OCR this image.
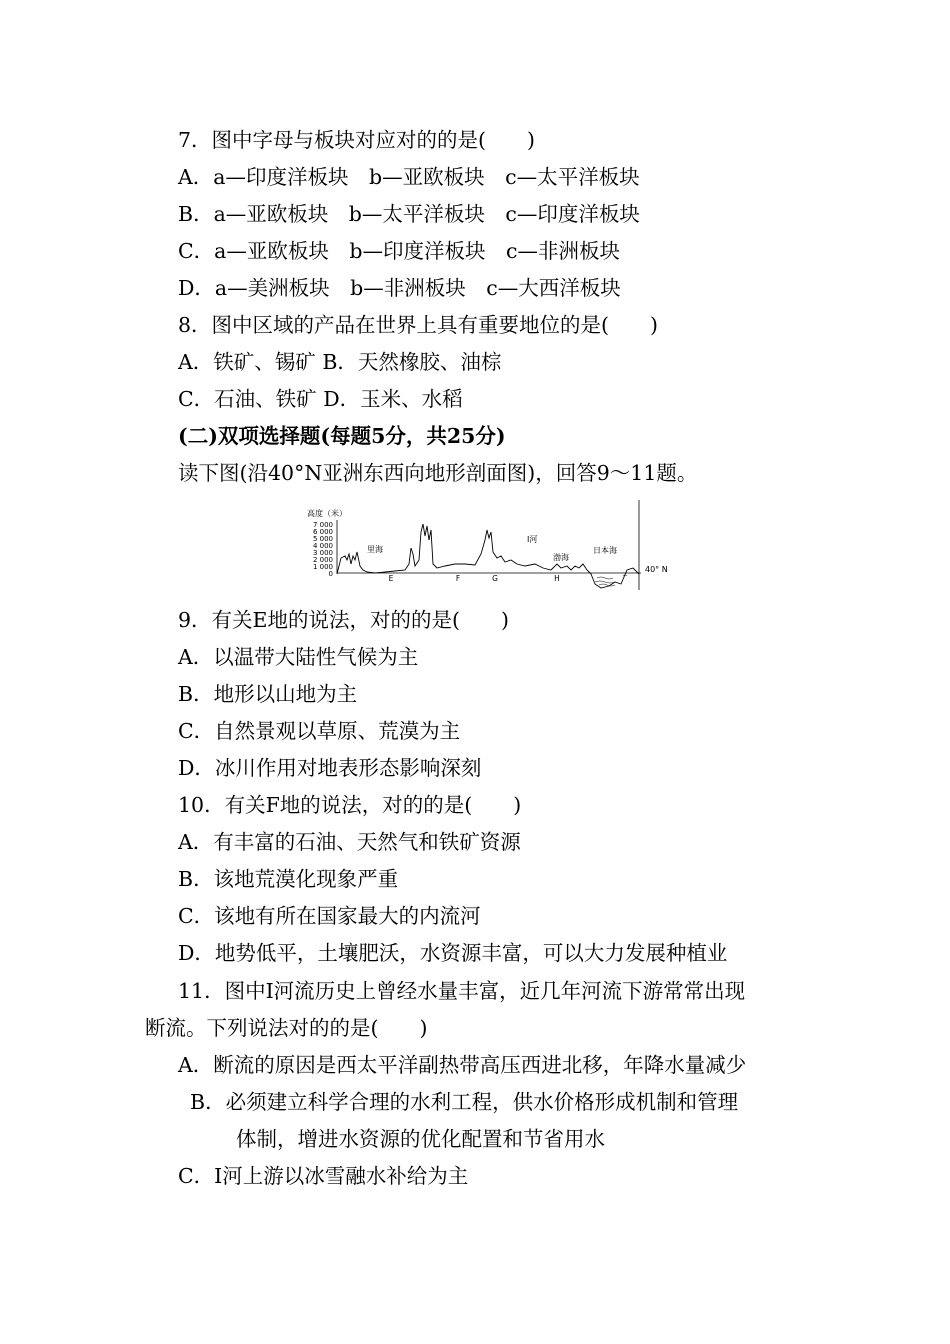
7．图中字母与板块对应对的的是(　　)
A．a—印度洋板块　b—亚欧板块　c—太平洋板块
B．a—亚欧板块　b—太平洋板块　c—印度洋板块
C．a—亚欧板块　b—印度洋板块　c—非洲板块
D．a—美洲板块　b—非洲板块　c—大西洋板块
8．图中区域的产品在世界上具有重要地位的是(　　)
A．铁矿、锡矿 B．天然橡胶、油棕
C．石油、铁矿 D．玉米、水稻
(二)双项选择题(每题5分，共25分)
读下图(沿40°N亚洲东西向地形剖面图)，回答9～11题。
高度（米）
7 000
6 000
5 000
4 000
3 000
2 000
1 000
0
里海
Ⅰ河
渤海
日本海
40° N
E	F	G	H
9．有关E地的说法，对的的是(　　)
A．以温带大陆性气候为主
B．地形以山地为主
C．自然景观以草原、荒漠为主
D．冰川作用对地表形态影响深刻
10．有关F地的说法，对的的是(　　)
A．有丰富的石油、天然气和铁矿资源
B．该地荒漠化现象严重
C．该地有所在国家最大的内流河
D．地势低平，土壤肥沃，水资源丰富，可以大力发展种植业
11．图中Ⅰ河流历史上曾经水量丰富，近几年河流下游常常出现
断流。下列说法对的的是(　　)
A．断流的原因是西太平洋副热带高压西进北移，年降水量减少
B．必须建立科学合理的水利工程，供水价格形成机制和管理
体制，增进水资源的优化配置和节省用水
C．Ⅰ河上游以冰雪融水补给为主
